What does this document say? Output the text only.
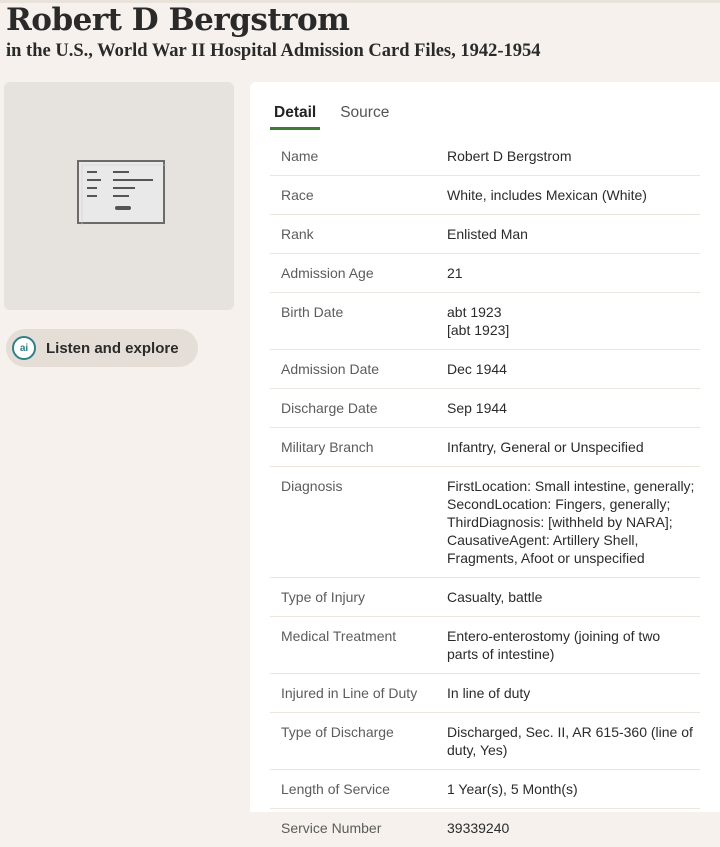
Robert D Bergstrom
in the U.S., World War II Hospital Admission Card Files, 1942-1954
ai	Listen and explore
Detail Source
Name	Robert D Bergstrom
Race	White, includes Mexican (White)
Rank	Enlisted Man
Admission Age	21
Birth Date	abt 1923
[abt 1923]
Admission Date	Dec 1944
Discharge Date	Sep 1944
Military Branch	Infantry, General or Unspecified
Diagnosis	FirstLocation: Small intestine, generally;
SecondLocation: Fingers, generally;
ThirdDiagnosis: [withheld by NARA];
CausativeAgent: Artillery Shell,
Fragments, Afoot or unspecified
Type of Injury	Casualty, battle
Medical Treatment	Entero-enterostomy (joining of two
parts of intestine)
Injured in Line of Duty	In line of duty
Type of Discharge	Discharged, Sec. II, AR 615-360 (line of
duty, Yes)
Length of Service	1 Year(s), 5 Month(s)
Service Number	39339240
